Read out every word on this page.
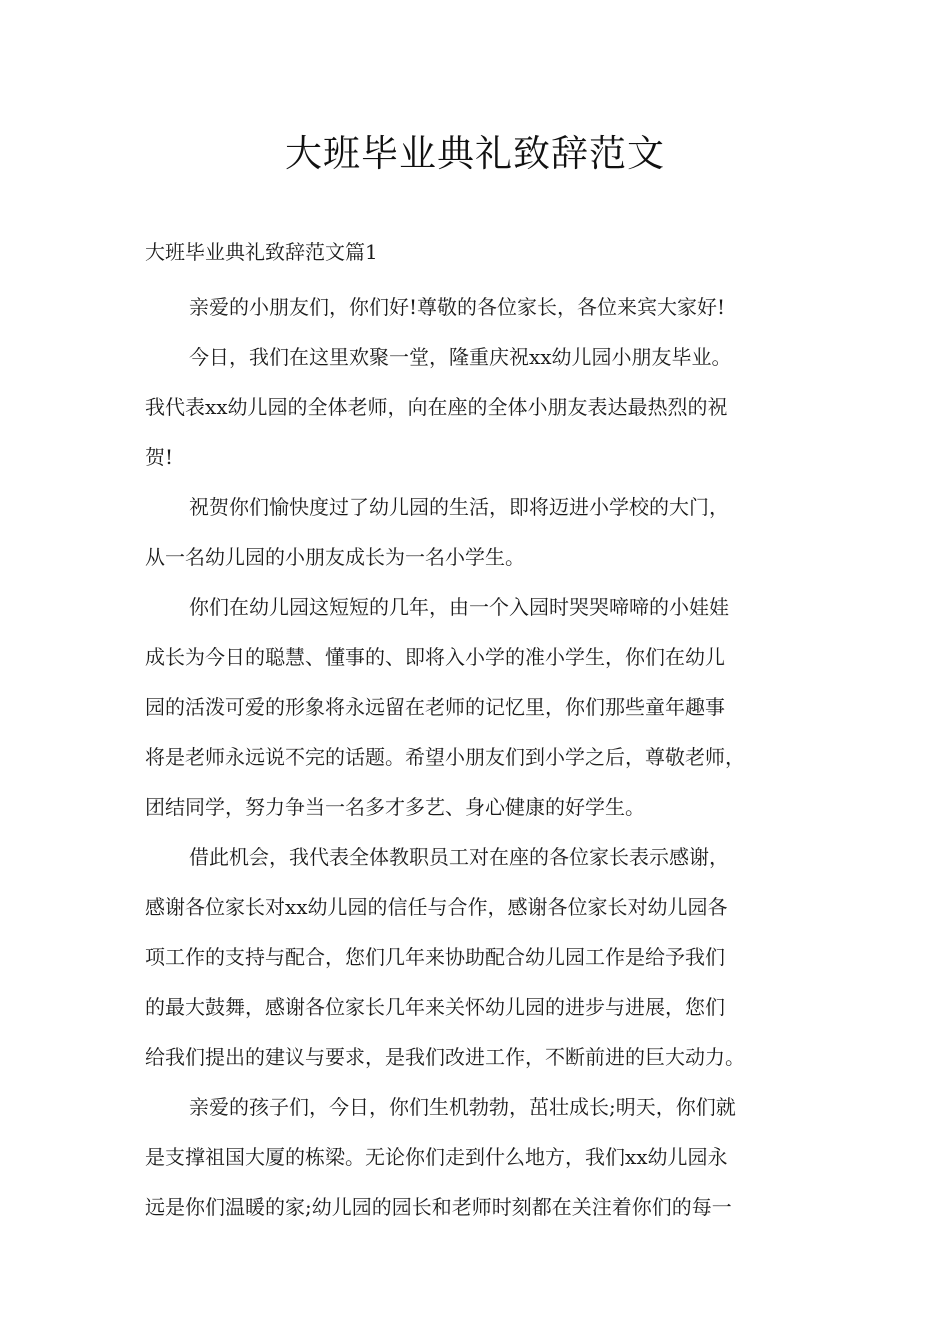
大班毕业典礼致辞范文
大班毕业典礼致辞范文篇1

亲爱的小朋友们，你们好!尊敬的各位家长，各位来宾大家好!

今日，我们在这里欢聚一堂，隆重庆祝xx幼儿园小朋友毕业。
我代表xx幼儿园的全体老师，向在座的全体小朋友表达最热烈的祝
贺!

祝贺你们愉快度过了幼儿园的生活，即将迈进小学校的大门，
从一名幼儿园的小朋友成长为一名小学生。

你们在幼儿园这短短的几年，由一个入园时哭哭啼啼的小娃娃
成长为今日的聪慧、懂事的、即将入小学的准小学生，你们在幼儿
园的活泼可爱的形象将永远留在老师的记忆里，你们那些童年趣事
将是老师永远说不完的话题。希望小朋友们到小学之后，尊敬老师，
团结同学，努力争当一名多才多艺、身心健康的好学生。

借此机会，我代表全体教职员工对在座的各位家长表示感谢，
感谢各位家长对xx幼儿园的信任与合作，感谢各位家长对幼儿园各
项工作的支持与配合，您们几年来协助配合幼儿园工作是给予我们
的最大鼓舞，感谢各位家长几年来关怀幼儿园的进步与进展，您们
给我们提出的建议与要求，是我们改进工作，不断前进的巨大动力。

亲爱的孩子们，今日，你们生机勃勃，茁壮成长;明天，你们就
是支撑祖国大厦的栋梁。无论你们走到什么地方，我们xx幼儿园永
远是你们温暖的家;幼儿园的园长和老师时刻都在关注着你们的每一
